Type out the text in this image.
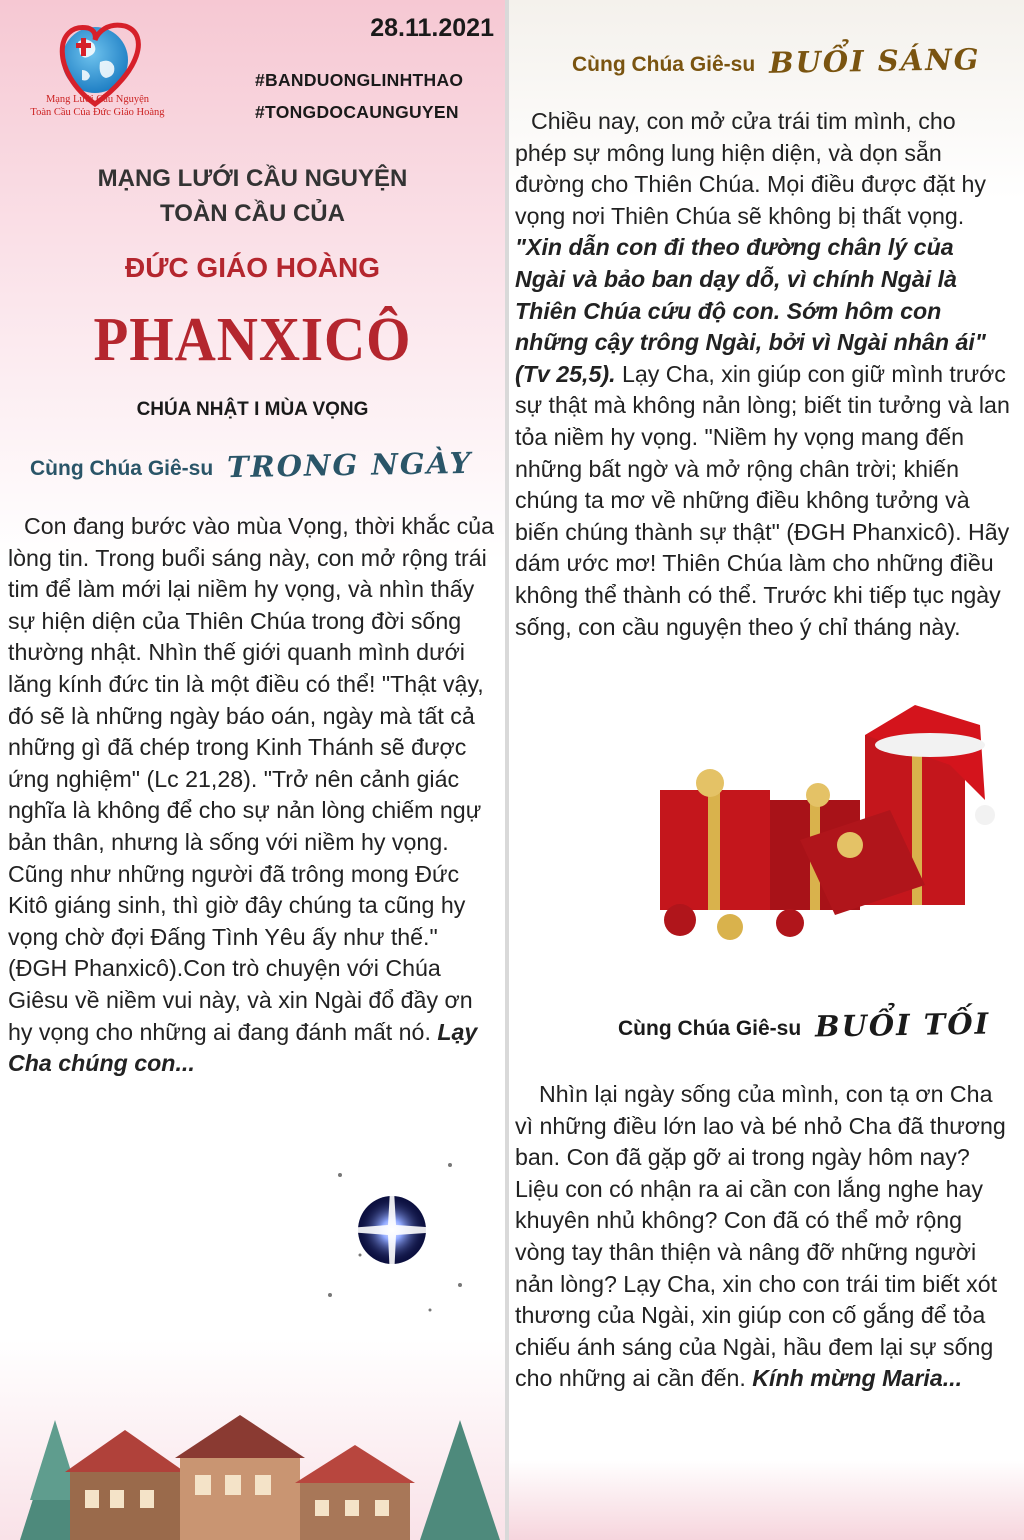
Mạng Lưới Cầu Nguyện
Toàn Cầu Của Đức Giáo Hoàng
28.11.2021
#BANDUONGLINHTHAO
#TONGDOCAUNGUYEN
MẠNG LƯỚI CẦU NGUYỆN
TOÀN CẦU CỦA
ĐỨC GIÁO HOÀNG
PHANXICÔ
CHÚA NHẬT I MÙA VỌNG
Cùng Chúa Giê-su TRONG NGÀY
Con đang bước vào mùa Vọng, thời khắc của lòng tin. Trong buổi sáng này, con mở rộng trái tim để làm mới lại niềm hy vọng, và nhìn thấy sự hiện diện của Thiên Chúa trong đời sống thường nhật. Nhìn thế giới quanh mình dưới lăng kính đức tin là một điều có thể! "Thật vậy, đó sẽ là những ngày báo oán, ngày mà tất cả những gì đã chép trong Kinh Thánh sẽ được ứng nghiệm" (Lc 21,28). "Trở nên cảnh giác nghĩa là không để cho sự nản lòng chiếm ngự bản thân, nhưng là sống với niềm hy vọng. Cũng như những người đã trông mong Đức Kitô giáng sinh, thì giờ đây chúng ta cũng hy vọng chờ đợi Đấng Tình Yêu ấy như thế." (ĐGH Phanxicô).Con trò chuyện với Chúa Giêsu về niềm vui này, và xin Ngài đổ đầy ơn hy vọng cho những ai đang đánh mất nó. Lạy Cha chúng con...
Cùng Chúa Giê-su BUỔI SÁNG
Chiều nay, con mở cửa trái tim mình, cho phép sự mông lung hiện diện, và dọn sẵn đường cho Thiên Chúa. Mọi điều được đặt hy vọng nơi Thiên Chúa sẽ không bị thất vọng. "Xin dẫn con đi theo đường chân lý của Ngài và bảo ban dạy dỗ, vì chính Ngài là Thiên Chúa cứu độ con. Sớm hôm con những cậy trông Ngài, bởi vì Ngài nhân ái" (Tv 25,5). Lạy Cha, xin giúp con giữ mình trước sự thật mà không nản lòng; biết tin tưởng và lan tỏa niềm hy vọng. "Niềm hy vọng mang đến những bất ngờ và mở rộng chân trời; khiến chúng ta mơ về những điều không tưởng và biến chúng thành sự thật" (ĐGH Phanxicô). Hãy dám ước mơ! Thiên Chúa làm cho những điều không thể thành có thể. Trước khi tiếp tục ngày sống, con cầu nguyện theo ý chỉ tháng này.
Cùng Chúa Giê-su BUỔI TỐI
Nhìn lại ngày sống của mình, con tạ ơn Cha vì những điều lớn lao và bé nhỏ Cha đã thương ban. Con đã gặp gỡ ai trong ngày hôm nay? Liệu con có nhận ra ai cần con lắng nghe hay khuyên nhủ không? Con đã có thể mở rộng vòng tay thân thiện và nâng đỡ những người nản lòng? Lạy Cha, xin cho con trái tim biết xót thương của Ngài, xin giúp con cố gắng để tỏa chiếu ánh sáng của Ngài, hầu đem lại sự sống cho những ai cần đến. Kính mừng Maria...
